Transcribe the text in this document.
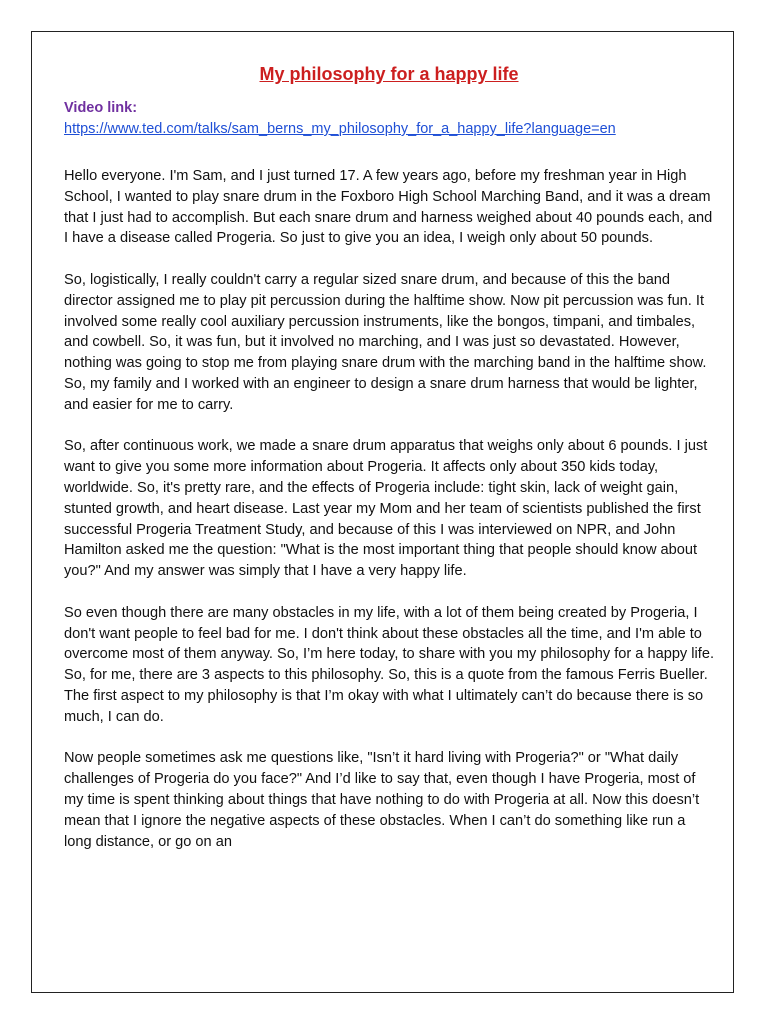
My philosophy for a happy life
Video link:
https://www.ted.com/talks/sam_berns_my_philosophy_for_a_happy_life?language=en

Hello everyone. I'm Sam, and I just turned 17. A few years ago, before my freshman year in High School, I wanted to play snare drum in the Foxboro High School Marching Band, and it was a dream that I just had to accomplish. But each snare drum and harness weighed about 40 pounds each, and I have a disease called Progeria. So just to give you an idea, I weigh only about 50 pounds.

So, logistically, I really couldn't carry a regular sized snare drum, and because of this the band director assigned me to play pit percussion during the halftime show. Now pit percussion was fun. It involved some really cool auxiliary percussion instruments, like the bongos, timpani, and timbales, and cowbell. So, it was fun, but it involved no marching, and I was just so devastated. However, nothing was going to stop me from playing snare drum with the marching band in the halftime show. So, my family and I worked with an engineer to design a snare drum harness that would be lighter, and easier for me to carry.

So, after continuous work, we made a snare drum apparatus that weighs only about 6 pounds. I just want to give you some more information about Progeria. It affects only about 350 kids today, worldwide. So, it's pretty rare, and the effects of Progeria include: tight skin, lack of weight gain, stunted growth, and heart disease. Last year my Mom and her team of scientists published the first successful Progeria Treatment Study, and because of this I was interviewed on NPR, and John Hamilton asked me the question: "What is the most important thing that people should know about you?" And my answer was simply that I have a very happy life.

So even though there are many obstacles in my life, with a lot of them being created by Progeria, I don't want people to feel bad for me. I don't think about these obstacles all the time, and I'm able to overcome most of them anyway. So, I’m here today, to share with you my philosophy for a happy life. So, for me, there are 3 aspects to this philosophy. So, this is a quote from the famous Ferris Bueller. The first aspect to my philosophy is that I’m okay with what I ultimately can’t do because there is so much, I can do.

Now people sometimes ask me questions like, "Isn’t it hard living with Progeria?" or "What daily challenges of Progeria do you face?" And I’d like to say that, even though I have Progeria, most of my time is spent thinking about things that have nothing to do with Progeria at all. Now this doesn’t mean that I ignore the negative aspects of these obstacles. When I can’t do something like run a long distance, or go on an
